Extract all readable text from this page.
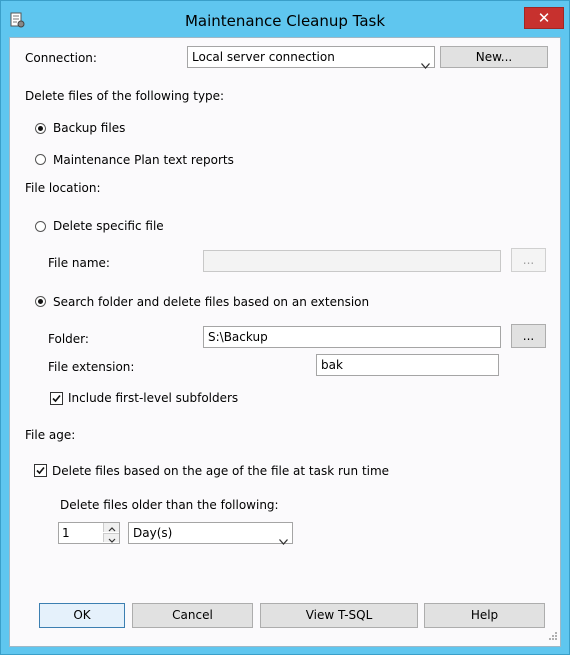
Maintenance Cleanup Task	✕
Connection:	Local server connection	New...
Delete files of the following type:
Backup files
Maintenance Plan text reports
File location:
Delete specific file
File name:	...
Search folder and delete files based on an extension
Folder:	S:\Backup	...
File extension:	bak
Include first-level subfolders
File age:
Delete files based on the age of the file at task run time
Delete files older than the following:
1	Day(s)
OK	Cancel	View T-SQL	Help
